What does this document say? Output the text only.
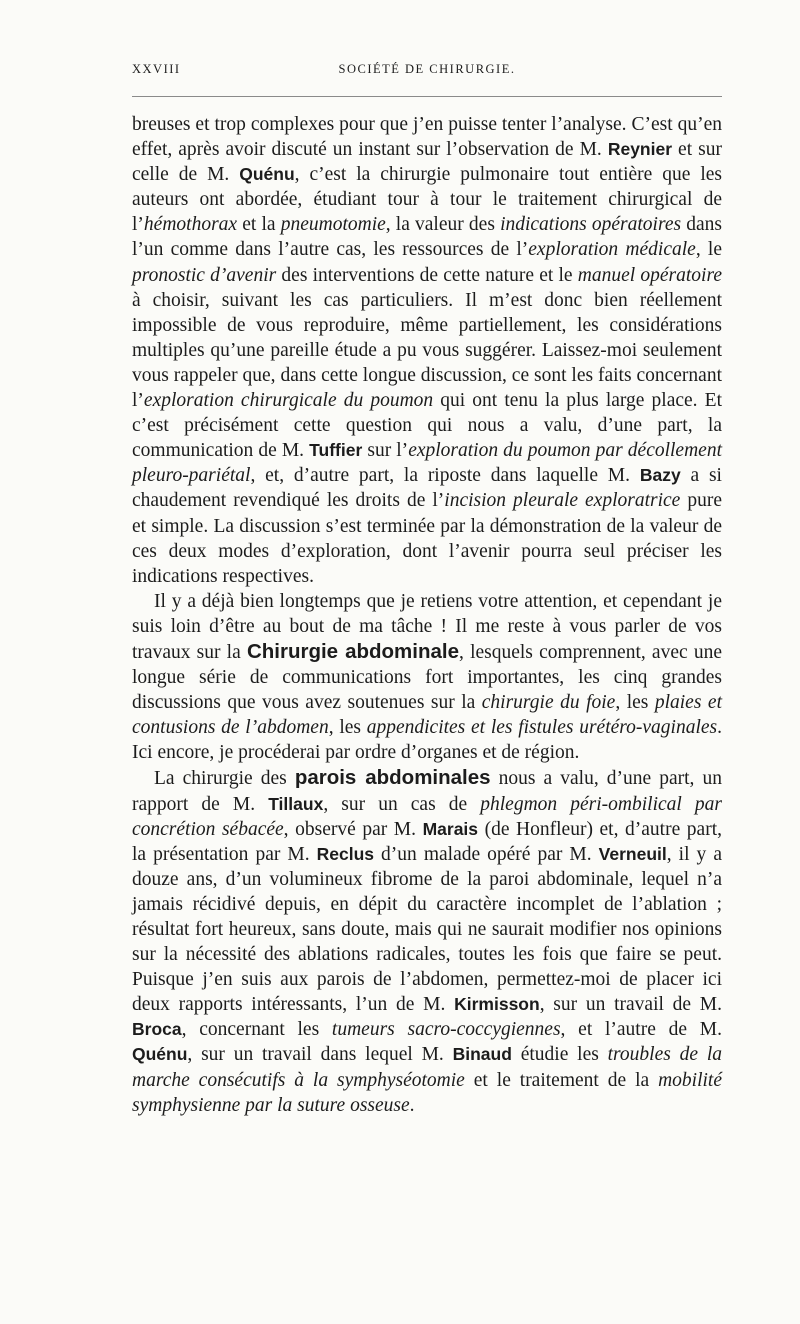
XXVIII	SOCIÉTÉ DE CHIRURGIE.

breuses et trop complexes pour que j’en puisse tenter l’analyse. C’est qu’en effet, après avoir discuté un instant sur l’observation de M. Reynier et sur celle de M. Quénu, c’est la chirurgie pulmonaire tout entière que les auteurs ont abordée, étudiant tour à tour le traitement chirurgical de l’hémothorax et la pneumotomie, la valeur des indications opératoires dans l’un comme dans l’autre cas, les ressources de l’exploration médicale, le pronostic d’avenir des interventions de cette nature et le manuel opératoire à choisir, suivant les cas particuliers. Il m’est donc bien réellement impossible de vous reproduire, même partiellement, les considérations multiples qu’une pareille étude a pu vous suggérer. Laissez-moi seulement vous rappeler que, dans cette longue discussion, ce sont les faits concernant l’exploration chirurgicale du poumon qui ont tenu la plus large place. Et c’est précisément cette question qui nous a valu, d’une part, la communication de M. Tuffier sur l’exploration du poumon par décollement pleuro-pariétal, et, d’autre part, la riposte dans laquelle M. Bazy a si chaudement revendiqué les droits de l’incision pleurale exploratrice pure et simple. La discussion s’est terminée par la démonstration de la valeur de ces deux modes d’exploration, dont l’avenir pourra seul préciser les indications respectives.

Il y a déjà bien longtemps que je retiens votre attention, et cependant je suis loin d’être au bout de ma tâche ! Il me reste à vous parler de vos travaux sur la Chirurgie abdominale, lesquels comprennent, avec une longue série de communications fort importantes, les cinq grandes discussions que vous avez soutenues sur la chirurgie du foie, les plaies et contusions de l’abdomen, les appendicites et les fistules urétéro-vaginales. Ici encore, je procéderai par ordre d’organes et de région.

La chirurgie des parois abdominales nous a valu, d’une part, un rapport de M. Tillaux, sur un cas de phlegmon péri-ombilical par concrétion sébacée, observé par M. Marais (de Honfleur) et, d’autre part, la présentation par M. Reclus d’un malade opéré par M. Verneuil, il y a douze ans, d’un volumineux fibrome de la paroi abdominale, lequel n’a jamais récidivé depuis, en dépit du caractère incomplet de l’ablation ; résultat fort heureux, sans doute, mais qui ne saurait modifier nos opinions sur la nécessité des ablations radicales, toutes les fois que faire se peut. Puisque j’en suis aux parois de l’abdomen, permettez-moi de placer ici deux rapports intéressants, l’un de M. Kirmisson, sur un travail de M. Broca, concernant les tumeurs sacro-coccygiennes, et l’autre de M. Quénu, sur un travail dans lequel M. Binaud étudie les troubles de la marche consécutifs à la symphyséotomie et le traitement de la mobilité symphysienne par la suture osseuse.
